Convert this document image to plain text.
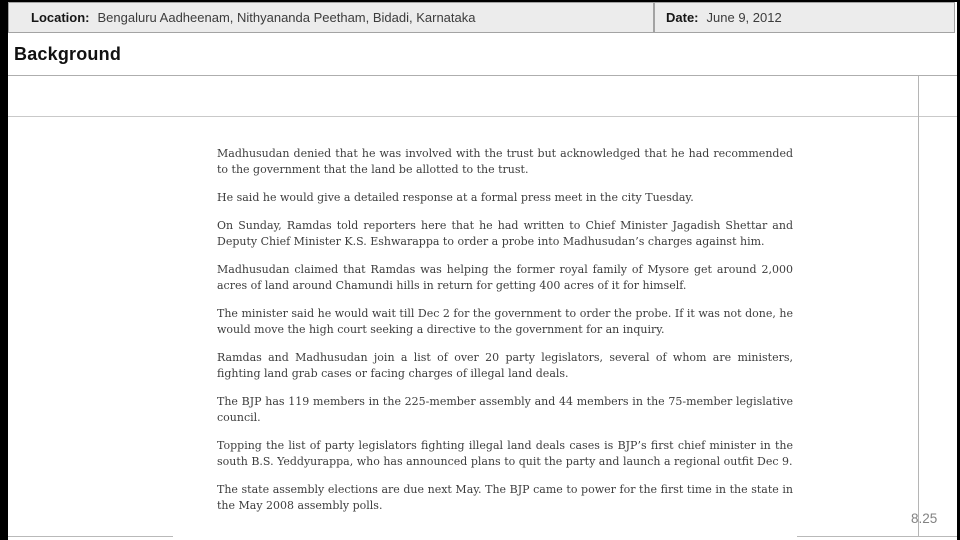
Location: Bengaluru Aadheenam, Nithyananda Peetham, Bidadi, Karnataka	Date: June 9, 2012
Background

Madhusudan denied that he was involved with the trust but acknowledged that he had recommended to the government that the land be allotted to the trust.

He said he would give a detailed response at a formal press meet in the city Tuesday.

On Sunday, Ramdas told reporters here that he had written to Chief Minister Jagadish Shettar and Deputy Chief Minister K.S. Eshwarappa to order a probe into Madhusudan’s charges against him.

Madhusudan claimed that Ramdas was helping the former royal family of Mysore get around 2,000 acres of land around Chamundi hills in return for getting 400 acres of it for himself.

The minister said he would wait till Dec 2 for the government to order the probe. If it was not done, he would move the high court seeking a directive to the government for an inquiry.

Ramdas and Madhusudan join a list of over 20 party legislators, several of whom are ministers, fighting land grab cases or facing charges of illegal land deals.

The BJP has 119 members in the 225-member assembly and 44 members in the 75-member legislative council.

Topping the list of party legislators fighting illegal land deals cases is BJP’s first chief minister in the south B.S. Yeddyurappa, who has announced plans to quit the party and launch a regional outfit Dec 9.

The state assembly elections are due next May. The BJP came to power for the first time in the state in the May 2008 assembly polls.

8.25
